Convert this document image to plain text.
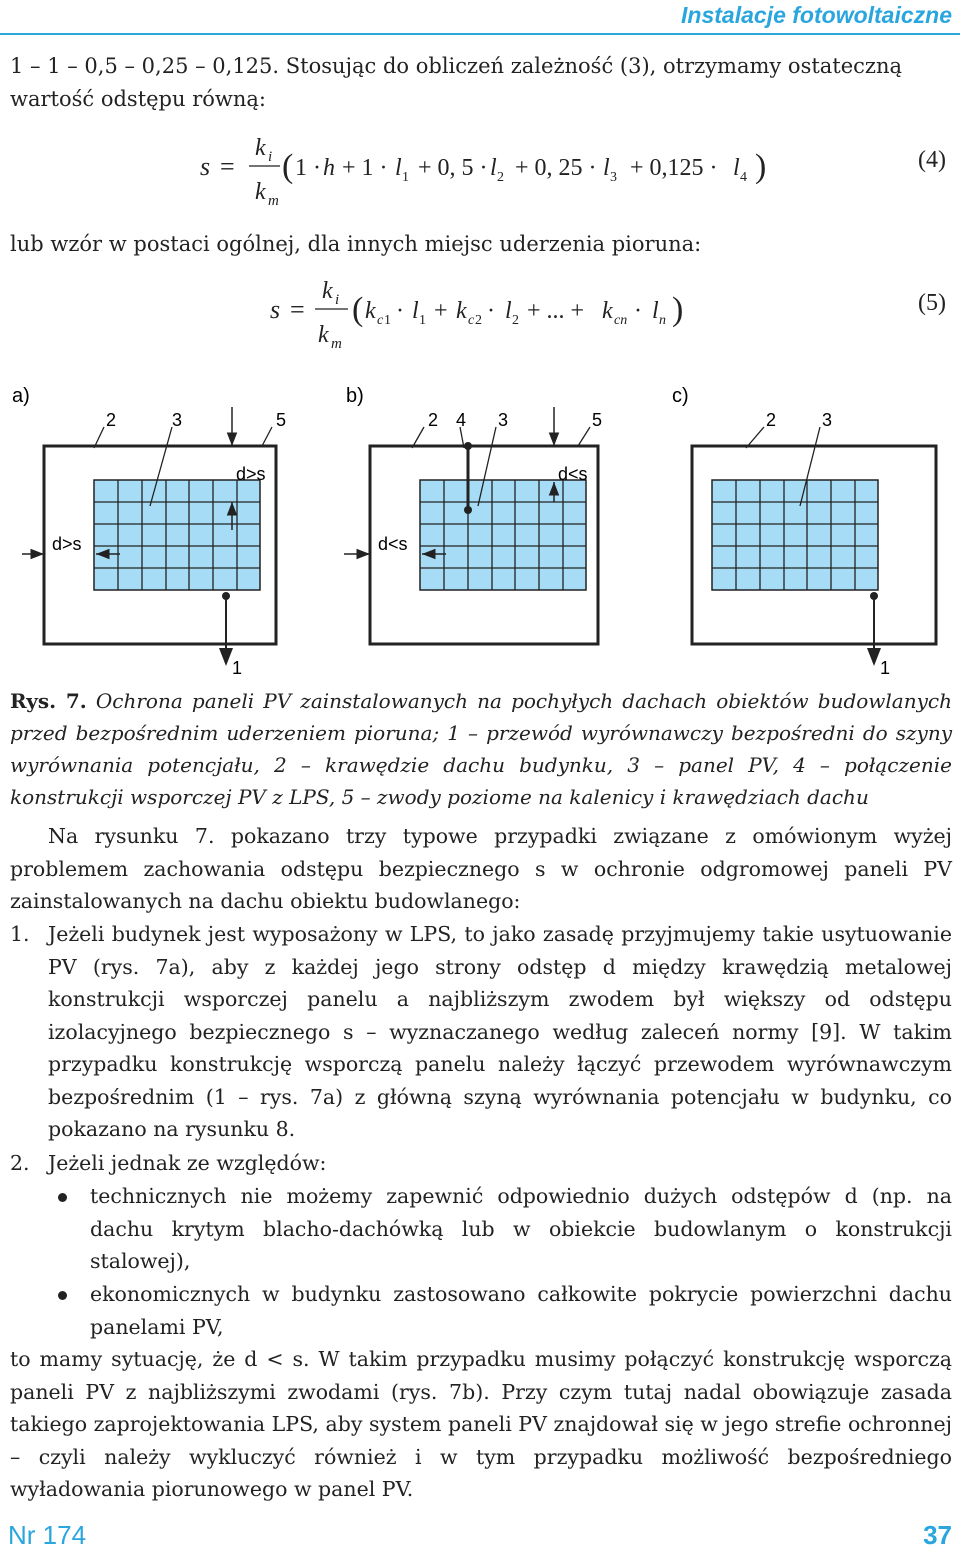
Instalacje fotowoltaiczne
1 – 1 – 0,5 – 0,25 – 0,125. Stosując do obliczeń zależność (3), otrzymamy ostateczną
wartość odstępu równą:
s =
k i
k m
( 1 · h + 1 · l 1 + 0, 5 · l 2 + 0, 25 · l 3 + 0,125 · l 4 )	(4)
lub wzór w postaci ogólnej, dla innych miejsc uderzenia pioruna:
s =
k i
k m
( k c 1 · l 1 + k c 2 · l 2 + ... + k cn · l n )	(5)
a)
2	3	5
d>s
d>s
1
b)
2 4 3	5
d<s
d<s
c)
2	3
1
Rys. 7. Ochrona paneli PV zainstalowanych na pochyłych dachach obiektów budowlanych przed bezpośrednim uderzeniem pioruna; 1 – przewód wyrównawczy bezpośredni do szyny wyrównania potencjału, 2 – krawędzie dachu budynku, 3 – panel PV, 4 – połączenie konstrukcji wsporczej PV z LPS, 5 – zwody poziome na kalenicy i krawędziach dachu
Na rysunku 7. pokazano trzy typowe przypadki związane z omówionym wyżej problemem zachowania odstępu bezpiecznego s w ochronie odgromowej paneli PV zainstalowanych na dachu obiektu budowlanego:
1. Jeżeli budynek jest wyposażony w LPS, to jako zasadę przyjmujemy takie usytuowanie PV (rys. 7a), aby z każdej jego strony odstęp d między krawędzią metalowej konstrukcji wsporczej panelu a najbliższym zwodem był większy od odstępu izolacyjnego bezpiecznego s – wyznaczanego według zaleceń normy [9]. W takim przypadku konstrukcję wsporczą panelu należy łączyć przewodem wyrównawczym bezpośrednim (1 – rys. 7a) z główną szyną wyrównania potencjału w budynku, co pokazano na rysunku 8.
2. Jeżeli jednak ze względów:
technicznych nie możemy zapewnić odpowiednio dużych odstępów d (np. na dachu krytym blacho-dachówką lub w obiekcie budowlanym o konstrukcji stalowej),
ekonomicznych w budynku zastosowano całkowite pokrycie powierzchni dachu panelami PV,
to mamy sytuację, że d < s. W takim przypadku musimy połączyć konstrukcję wsporczą paneli PV z najbliższymi zwodami (rys. 7b). Przy czym tutaj nadal obowiązuje zasada takiego zaprojektowania LPS, aby system paneli PV znajdował się w jego strefie ochronnej – czyli należy wykluczyć również i w tym przypadku możliwość bezpośredniego wyładowania piorunowego w panel PV.
Nr 174	37
